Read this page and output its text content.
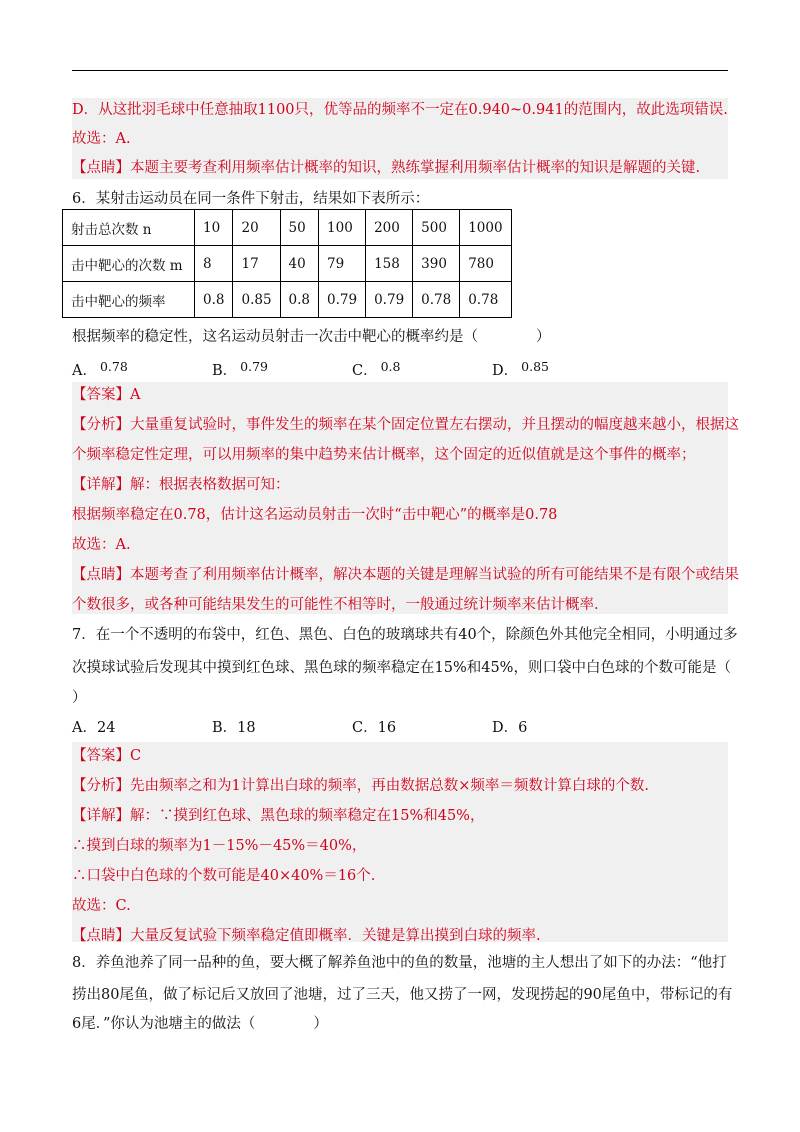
D．从这批羽毛球中任意抽取1100只，优等品的频率不一定在0.940~0.941的范围内，故此选项错误.
故选：A.
【点睛】本题主要考查利用频率估计概率的知识，熟练掌握利用频率估计概率的知识是解题的关键.
6．某射击运动员在同一条件下射击，结果如下表所示：
射击总次数 n	10	20	50	100	200	500	1000
击中靶心的次数 m	8	17	40	79	158	390	780
击中靶心的频率	0.8	0.85	0.8	0.79	0.79	0.78	0.78
根据频率的稳定性，这名运动员射击一次击中靶心的概率约是（　　　　）
A． 0.78	B． 0.79	C． 0.8	D． 0.85
【答案】A
【分析】大量重复试验时，事件发生的频率在某个固定位置左右摆动，并且摆动的幅度越来越小，根据这
个频率稳定性定理，可以用频率的集中趋势来估计概率，这个固定的近似值就是这个事件的概率；
【详解】解：根据表格数据可知：
根据频率稳定在0.78，估计这名运动员射击一次时“击中靶心”的概率是0.78
故选：A.
【点睛】本题考查了利用频率估计概率，解决本题的关键是理解当试验的所有可能结果不是有限个或结果
个数很多，或各种可能结果发生的可能性不相等时，一般通过统计频率来估计概率.
7．在一个不透明的布袋中，红色、黑色、白色的玻璃球共有40个，除颜色外其他完全相同，小明通过多
次摸球试验后发现其中摸到红色球、黑色球的频率稳定在15%和45%，则口袋中白色球的个数可能是（
）
A．24	B．18	C．16	D．6
【答案】C
【分析】先由频率之和为1计算出白球的频率，再由数据总数×频率＝频数计算白球的个数.
【详解】解：∵摸到红色球、黑色球的频率稳定在15%和45%，
∴摸到白球的频率为1－15%－45%＝40%，
∴口袋中白色球的个数可能是40×40%＝16个.
故选：C.
【点睛】大量反复试验下频率稳定值即概率．关键是算出摸到白球的频率.
8．养鱼池养了同一品种的鱼，要大概了解养鱼池中的鱼的数量，池塘的主人想出了如下的办法：“他打
捞出80尾鱼，做了标记后又放回了池塘，过了三天，他又捞了一网，发现捞起的90尾鱼中，带标记的有
6尾．”你认为池塘主的做法（　　　　）
